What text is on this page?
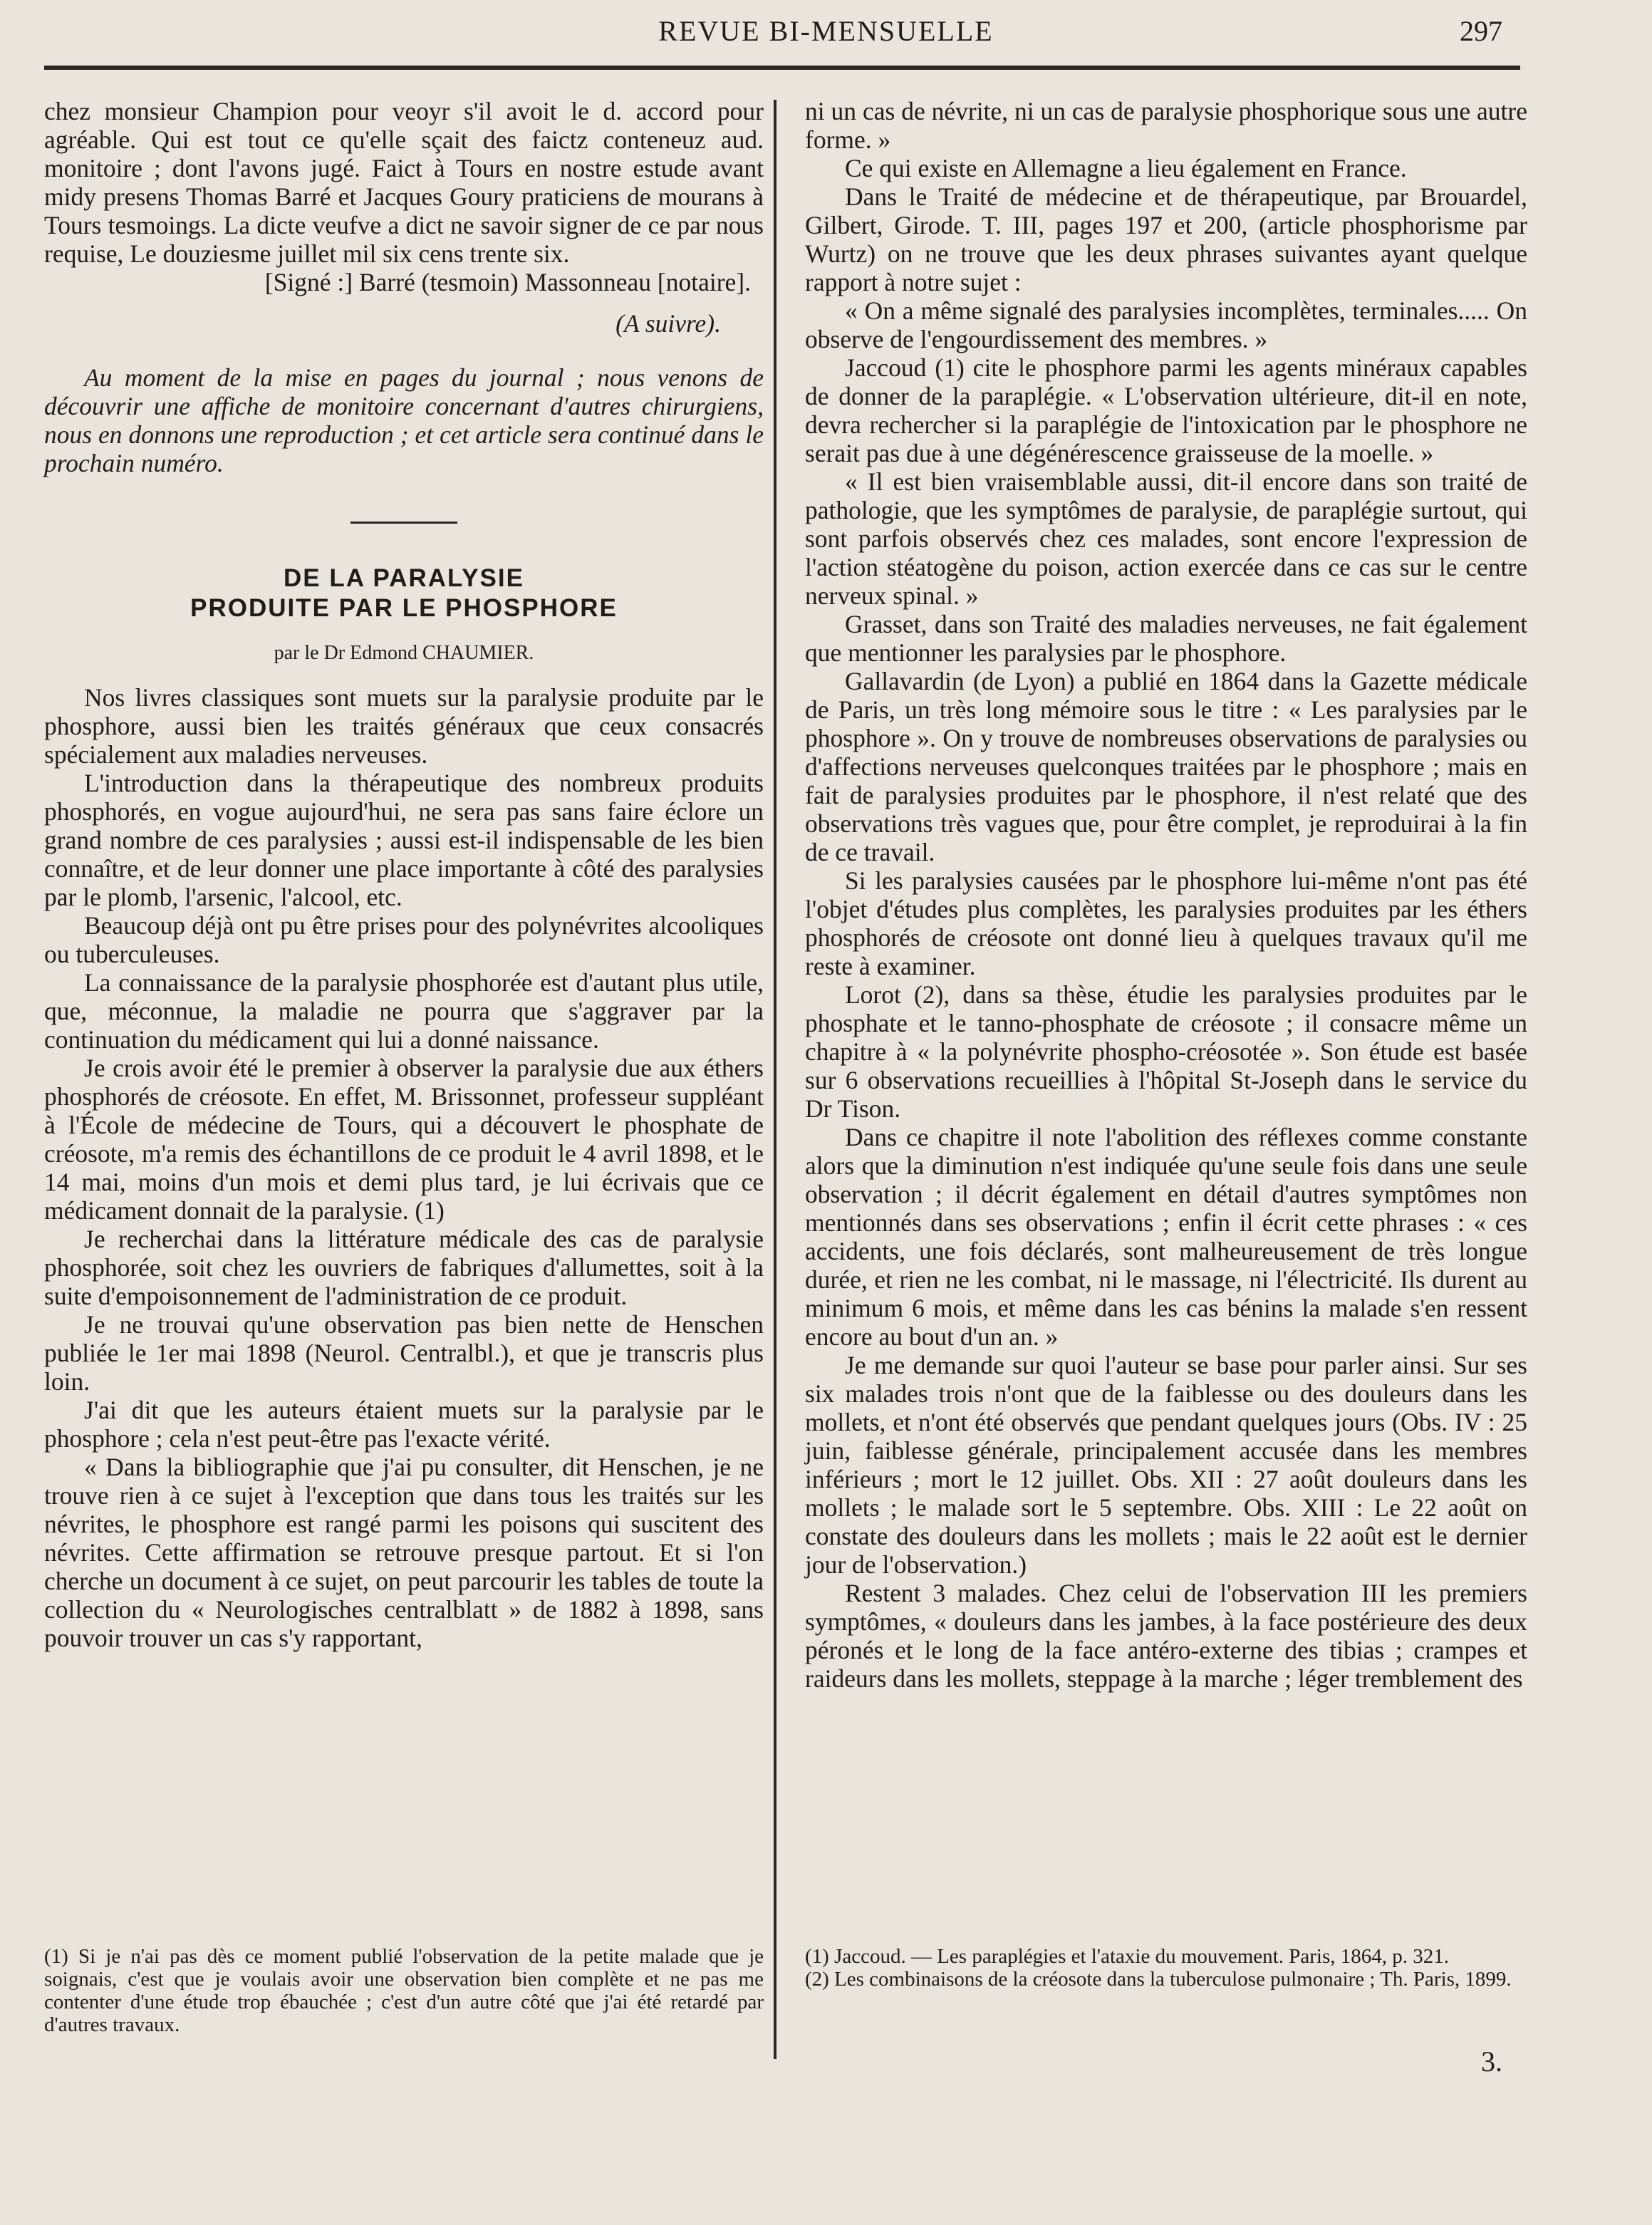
REVUE BI-MENSUELLE	297

chez monsieur Champion pour veoyr s'il avoit le d. accord pour agréable. Qui est tout ce qu'elle sçait des faictz conteneuz aud. monitoire ; dont l'avons jugé. Faict à Tours en nostre estude avant midy presens Thomas Barré et Jacques Goury praticiens de mourans à Tours tesmoings. La dicte veufve a dict ne savoir signer de ce par nous requise, Le douziesme juillet mil six cens trente six.

[Signé :] Barré (tesmoin) Massonneau [notaire].

(A suivre).

Au moment de la mise en pages du journal ; nous venons de découvrir une affiche de monitoire concernant d'autres chirurgiens, nous en donnons une reproduction ; et cet article sera continué dans le prochain numéro.

DE LA PARALYSIE
PRODUITE PAR LE PHOSPHORE
par le Dr Edmond CHAUMIER.

Nos livres classiques sont muets sur la paralysie produite par le phosphore, aussi bien les traités généraux que ceux consacrés spécialement aux maladies nerveuses.

L'introduction dans la thérapeutique des nombreux produits phosphorés, en vogue aujourd'hui, ne sera pas sans faire éclore un grand nombre de ces paralysies ; aussi est-il indispensable de les bien connaître, et de leur donner une place importante à côté des paralysies par le plomb, l'arsenic, l'alcool, etc.

Beaucoup déjà ont pu être prises pour des polynévrites alcooliques ou tuberculeuses.

La connaissance de la paralysie phosphorée est d'autant plus utile, que, méconnue, la maladie ne pourra que s'aggraver par la continuation du médicament qui lui a donné naissance.

Je crois avoir été le premier à observer la paralysie due aux éthers phosphorés de créosote. En effet, M. Brissonnet, professeur suppléant à l'École de médecine de Tours, qui a découvert le phosphate de créosote, m'a remis des échantillons de ce produit le 4 avril 1898, et le 14 mai, moins d'un mois et demi plus tard, je lui écrivais que ce médicament donnait de la paralysie. (1)

Je recherchai dans la littérature médicale des cas de paralysie phosphorée, soit chez les ouvriers de fabriques d'allumettes, soit à la suite d'empoisonnement de l'administration de ce produit.

Je ne trouvai qu'une observation pas bien nette de Henschen publiée le 1er mai 1898 (Neurol. Centralbl.), et que je transcris plus loin.

J'ai dit que les auteurs étaient muets sur la paralysie par le phosphore ; cela n'est peut-être pas l'exacte vérité.

« Dans la bibliographie que j'ai pu consulter, dit Henschen, je ne trouve rien à ce sujet à l'exception que dans tous les traités sur les névrites, le phosphore est rangé parmi les poisons qui suscitent des névrites. Cette affirmation se retrouve presque partout. Et si l'on cherche un document à ce sujet, on peut parcourir les tables de toute la collection du « Neurologisches centralblatt » de 1882 à 1898, sans pouvoir trouver un cas s'y rapportant,

ni un cas de névrite, ni un cas de paralysie phosphorique sous une autre forme. »

Ce qui existe en Allemagne a lieu également en France.

Dans le Traité de médecine et de thérapeutique, par Brouardel, Gilbert, Girode. T. III, pages 197 et 200, (article phosphorisme par Wurtz) on ne trouve que les deux phrases suivantes ayant quelque rapport à notre sujet :

« On a même signalé des paralysies incomplètes, terminales..... On observe de l'engourdissement des membres. »

Jaccoud (1) cite le phosphore parmi les agents minéraux capables de donner de la paraplégie. « L'observation ultérieure, dit-il en note, devra rechercher si la paraplégie de l'intoxication par le phosphore ne serait pas due à une dégénérescence graisseuse de la moelle. »

« Il est bien vraisemblable aussi, dit-il encore dans son traité de pathologie, que les symptômes de paralysie, de paraplégie surtout, qui sont parfois observés chez ces malades, sont encore l'expression de l'action stéatogène du poison, action exercée dans ce cas sur le centre nerveux spinal. »

Grasset, dans son Traité des maladies nerveuses, ne fait également que mentionner les paralysies par le phosphore.

Gallavardin (de Lyon) a publié en 1864 dans la Gazette médicale de Paris, un très long mémoire sous le titre : « Les paralysies par le phosphore ». On y trouve de nombreuses observations de paralysies ou d'affections nerveuses quelconques traitées par le phosphore ; mais en fait de paralysies produites par le phosphore, il n'est relaté que des observations très vagues que, pour être complet, je reproduirai à la fin de ce travail.

Si les paralysies causées par le phosphore lui-même n'ont pas été l'objet d'études plus complètes, les paralysies produites par les éthers phosphorés de créosote ont donné lieu à quelques travaux qu'il me reste à examiner.

Lorot (2), dans sa thèse, étudie les paralysies produites par le phosphate et le tanno-phosphate de créosote ; il consacre même un chapitre à « la polynévrite phospho-créosotée ». Son étude est basée sur 6 observations recueillies à l'hôpital St-Joseph dans le service du Dr Tison.

Dans ce chapitre il note l'abolition des réflexes comme constante alors que la diminution n'est indiquée qu'une seule fois dans une seule observation ; il décrit également en détail d'autres symptômes non mentionnés dans ses observations ; enfin il écrit cette phrases : « ces accidents, une fois déclarés, sont malheureusement de très longue durée, et rien ne les combat, ni le massage, ni l'électricité. Ils durent au minimum 6 mois, et même dans les cas bénins la malade s'en ressent encore au bout d'un an. »

Je me demande sur quoi l'auteur se base pour parler ainsi. Sur ses six malades trois n'ont que de la faiblesse ou des douleurs dans les mollets, et n'ont été observés que pendant quelques jours (Obs. IV : 25 juin, faiblesse générale, principalement accusée dans les membres inférieurs ; mort le 12 juillet. Obs. XII : 27 août douleurs dans les mollets ; le malade sort le 5 septembre. Obs. XIII : Le 22 août on constate des douleurs dans les mollets ; mais le 22 août est le dernier jour de l'observation.)

Restent 3 malades. Chez celui de l'observation III les premiers symptômes, « douleurs dans les jambes, à la face postérieure des deux péronés et le long de la face antéro-externe des tibias ; crampes et raideurs dans les mollets, steppage à la marche ; léger tremblement des

(1) Si je n'ai pas dès ce moment publié l'observation de la petite malade que je soignais, c'est que je voulais avoir une observation bien complète et ne pas me contenter d'une étude trop ébauchée ; c'est d'un autre côté que j'ai été retardé par d'autres travaux.

(1) Jaccoud. — Les paraplégies et l'ataxie du mouvement. Paris, 1864, p. 321.

(2) Les combinaisons de la créosote dans la tuberculose pulmonaire ; Th. Paris, 1899.

3.
